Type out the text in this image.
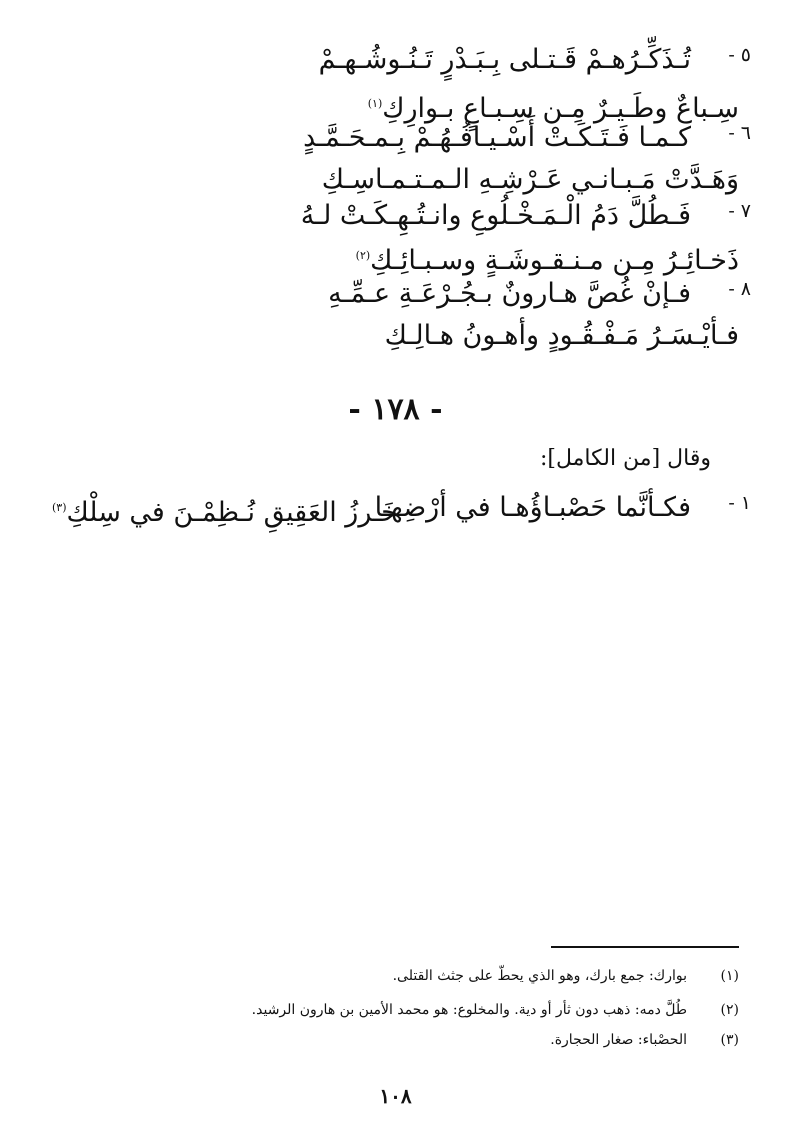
٥ -
تُـذَكِّـرُهـمْ قَـتـلى بِـبَـدْرٍ تَـنُـوشُـهـمْ
سِـباعٌ وطَـيـرٌ مِـن سِـبـاعٍ بـوارِكِ$^{(١)}$
٦ -
كـمـا فَـتَـكَـتْ أَسْـيـافُـهُـمْ بِـمـحَـمَّـدٍ
وَهَـدَّتْ مَـبـانـي عَـرْشِـهِ الـمـتـمـاسِـكِ
٧ -
فَـطُلَّ دَمُ الْـمَـخْـلُوعِ وانـتُـهِـكَـتْ لـهُ
ذَخـائِـرُ مِـن مـنـقـوشَـةٍ وسـبـائِـكِ$^{(٢)}$
٨ -
فـإنْ غُصَّ هـارونٌ بـجُـرْعَـةِ عـمِّـهِ
فـأيْـسَـرُ مَـفْـقُـودٍ وأهـونُ هـالِـكِ
- ١٧٨ -
وقال [من الكامل]:
١ -
فكـأنَّما حَصْبـاؤُهـا في أرْضِهـا
خَـرزُ العَقِيقِ نُـظِمْـنَ في سِلْكِ$^{(٣)}$
(١)
بوارك: جمع بارك، وهو الذي يحطّ على جثث القتلى.
(٢)
طُلَّ دمه: ذهب دون ثأر أو دية. والمخلوع: هو محمد الأمين بن هارون الرشيد.
(٣)
الحصْباء: صغار الحجارة.
١٠٨
